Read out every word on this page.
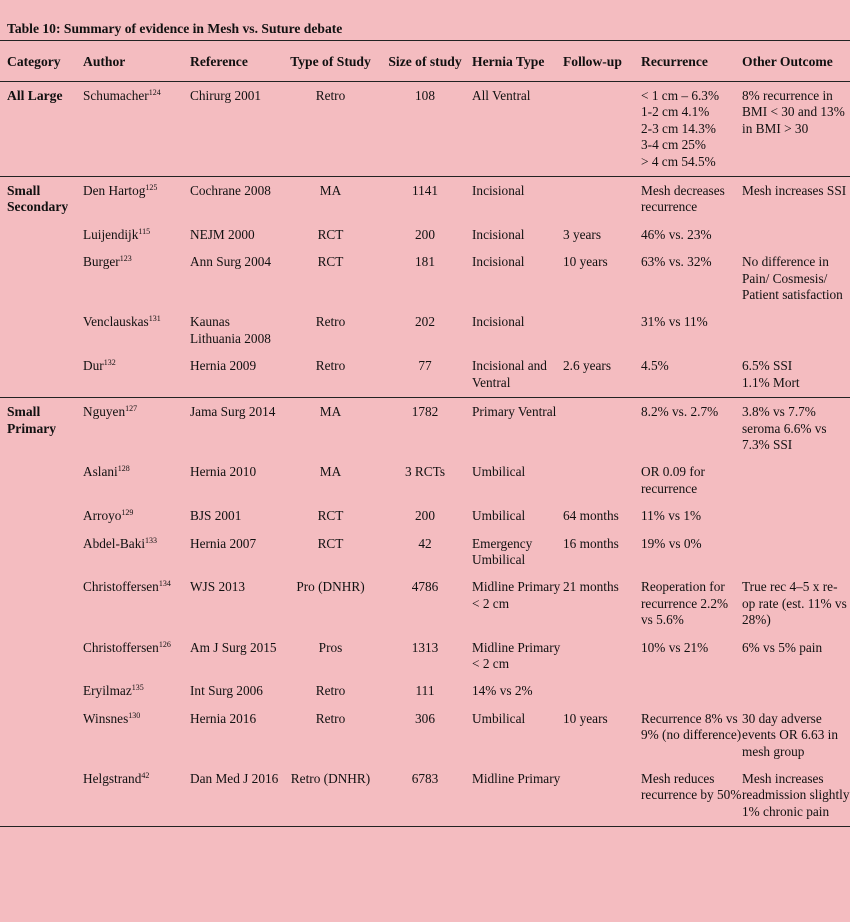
Table 10: Summary of evidence in Mesh vs. Suture debate
Category	Author	Reference	Type of Study	Size of study	Hernia Type	Follow-up	Recurrence	Other Outcome
All Large	Schumacher$^{124}$	Chirurg 2001	Retro	108	All Ventral		< 1 cm – 6.3%
1-2 cm 4.1%
2-3 cm 14.3%
3-4 cm 25%
> 4 cm 54.5%	8% recurrence in BMI < 30 and 13% in BMI > 30
Small Secondary	Den Hartog$^{125}$	Cochrane 2008	MA	1141	Incisional		Mesh decreases recurrence	Mesh increases SSI
	Luijendijk$^{115}$	NEJM 2000	RCT	200	Incisional	3 years	46% vs. 23%	
	Burger$^{123}$	Ann Surg 2004	RCT	181	Incisional	10 years	63% vs. 32%	No difference in Pain/ Cosmesis/ Patient satisfaction
	Venclauskas$^{131}$	Kaunas Lithuania 2008	Retro	202	Incisional		31% vs 11%	
	Dur$^{132}$	Hernia 2009	Retro	77	Incisional and Ventral	2.6 years	4.5%	6.5% SSI
1.1% Mort
Small Primary	Nguyen$^{127}$	Jama Surg 2014	MA	1782	Primary Ventral		8.2% vs. 2.7%	3.8% vs 7.7% seroma 6.6% vs 7.3% SSI
	Aslani$^{128}$	Hernia 2010	MA	3 RCTs	Umbilical		OR 0.09 for recurrence	
	Arroyo$^{129}$	BJS 2001	RCT	200	Umbilical	64 months	11% vs 1%	
	Abdel-Baki$^{133}$	Hernia 2007	RCT	42	Emergency Umbilical	16 months	19% vs 0%	
	Christoffersen$^{134}$	WJS 2013	Pro (DNHR)	4786	Midline Primary
< 2 cm	21 months	Reoperation for recurrence 2.2% vs 5.6%	True rec 4–5 x re-op rate (est. 11% vs 28%)
	Christoffersen$^{126}$	Am J Surg 2015	Pros	1313	Midline Primary
< 2 cm		10% vs 21%	6% vs 5% pain
	Eryilmaz$^{135}$	Int Surg 2006	Retro	111	14% vs 2%			
	Winsnes$^{130}$	Hernia 2016	Retro	306	Umbilical	10 years	Recurrence 8% vs 9% (no difference)	30 day adverse events OR 6.63 in mesh group
	Helgstrand$^{42}$	Dan Med J 2016	Retro (DNHR)	6783	Midline Primary		Mesh reduces recurrence by 50%	Mesh increases readmission slightly
1% chronic pain
